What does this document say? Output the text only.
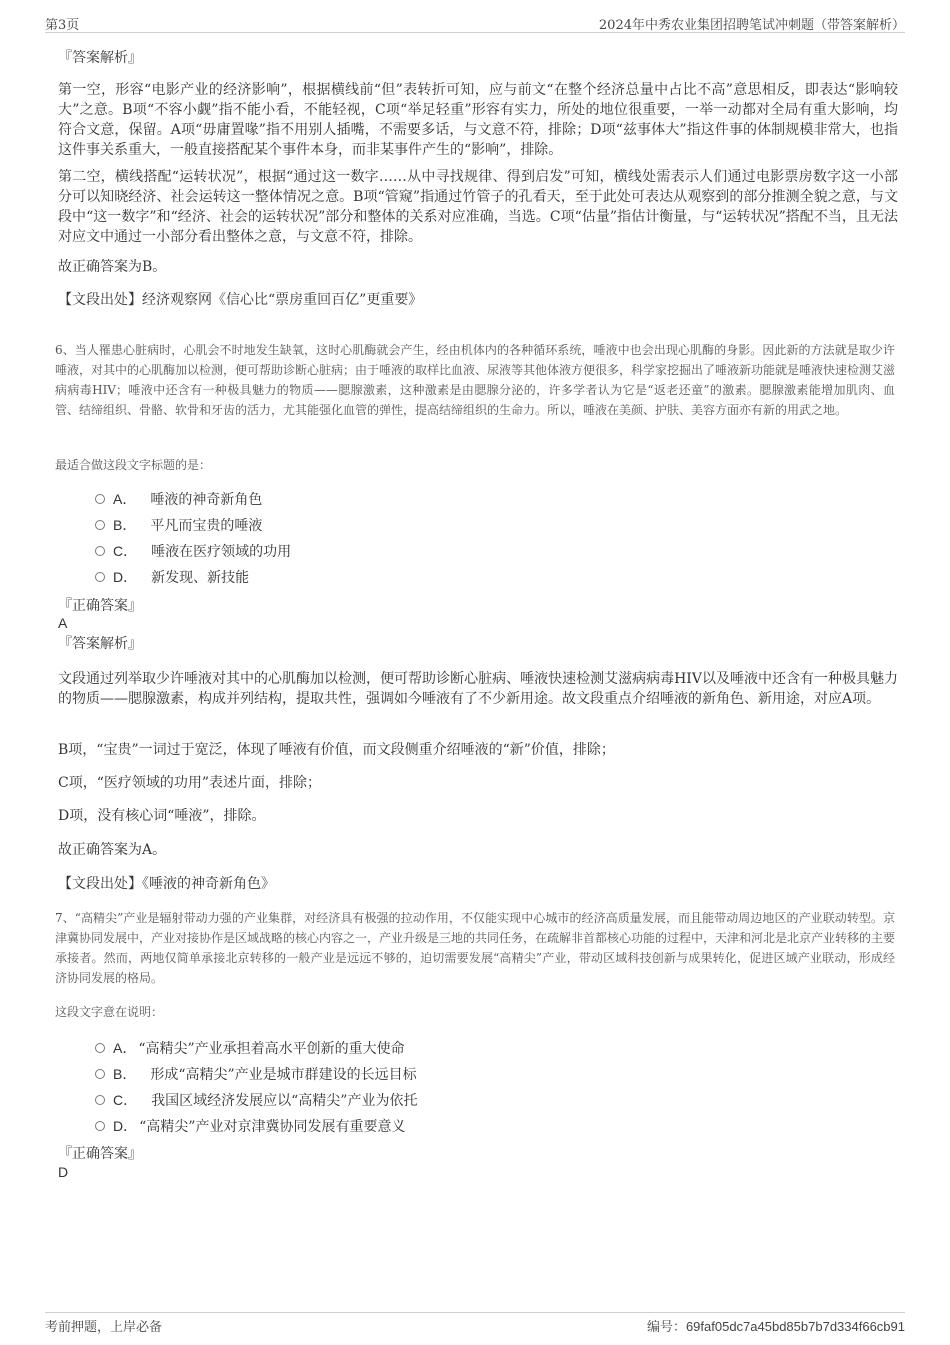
第3页	2024年中秀农业集团招聘笔试冲刺题（带答案解析）
『答案解析』

第一空，形容“电影产业的经济影响”，根据横线前“但”表转折可知，应与前文“在整个经济总量中占比不高”意思相反，即表达“影响较大”之意。B项“不容小觑”指不能小看，不能轻视，C项“举足轻重”形容有实力，所处的地位很重要，一举一动都对全局有重大影响，均符合文意，保留。A项“毋庸置喙”指不用别人插嘴，不需要多话，与文意不符，排除；D项“兹事体大”指这件事的体制规模非常大，也指这件事关系重大，一般直接搭配某个事件本身，而非某事件产生的“影响”，排除。

第二空，横线搭配“运转状况”，根据“通过这一数字……从中寻找规律、得到启发”可知，横线处需表示人们通过电影票房数字这一小部分可以知晓经济、社会运转这一整体情况之意。B项“管窥”指通过竹管子的孔看天，至于此处可表达从观察到的部分推测全貌之意，与文段中“这一数字”和“经济、社会的运转状况”部分和整体的关系对应准确，当选。C项“估量”指估计衡量，与“运转状况”搭配不当，且无法对应文中通过一小部分看出整体之意，与文意不符，排除。

故正确答案为B。

【文段出处】经济观察网《信心比“票房重回百亿”更重要》

6、当人罹患心脏病时，心肌会不时地发生缺氧，这时心肌酶就会产生，经由机体内的各种循环系统，唾液中也会出现心肌酶的身影。因此新的方法就是取少许唾液，对其中的心肌酶加以检测，便可帮助诊断心脏病；由于唾液的取样比血液、尿液等其他体液方便很多，科学家挖掘出了唾液新功能就是唾液快速检测艾滋病病毒HIV；唾液中还含有一种极具魅力的物质——腮腺激素，这种激素是由腮腺分泌的，许多学者认为它是“返老还童”的激素。腮腺激素能增加肌肉、血管、结缔组织、骨骼、软骨和牙齿的活力，尤其能强化血管的弹性，提高结缔组织的生命力。所以，唾液在美颜、护肤、美容方面亦有新的用武之地。

最适合做这段文字标题的是：

A． 唾液的神奇新角色
B． 平凡而宝贵的唾液
C． 唾液在医疗领域的功用
D． 新发现、新技能
『正确答案』
A
『答案解析』

文段通过列举取少许唾液对其中的心肌酶加以检测，便可帮助诊断心脏病、唾液快速检测艾滋病病毒HIV以及唾液中还含有一种极具魅力的物质——腮腺激素，构成并列结构，提取共性，强调如今唾液有了不少新用途。故文段重点介绍唾液的新角色、新用途，对应A项。

B项，“宝贵”一词过于宽泛，体现了唾液有价值，而文段侧重介绍唾液的“新”价值，排除；

C项，“医疗领域的功用”表述片面，排除；

D项，没有核心词“唾液”，排除。

故正确答案为A。

【文段出处】《唾液的神奇新角色》

7、“高精尖”产业是辐射带动力强的产业集群，对经济具有极强的拉动作用，不仅能实现中心城市的经济高质量发展，而且能带动周边地区的产业联动转型。京津冀协同发展中，产业对接协作是区域战略的核心内容之一，产业升级是三地的共同任务，在疏解非首都核心功能的过程中，天津和河北是北京产业转移的主要承接者。然而，两地仅简单承接北京转移的一般产业是远远不够的，迫切需要发展“高精尖”产业，带动区域科技创新与成果转化，促进区域产业联动，形成经济协同发展的格局。

这段文字意在说明：

A． “高精尖”产业承担着高水平创新的重大使命
B． 形成“高精尖”产业是城市群建设的长远目标
C． 我国区域经济发展应以“高精尖”产业为依托
D． “高精尖”产业对京津冀协同发展有重要意义
『正确答案』
D
考前押题，上岸必备	编号：69faf05dc7a45bd85b7b7d334f66cb91
